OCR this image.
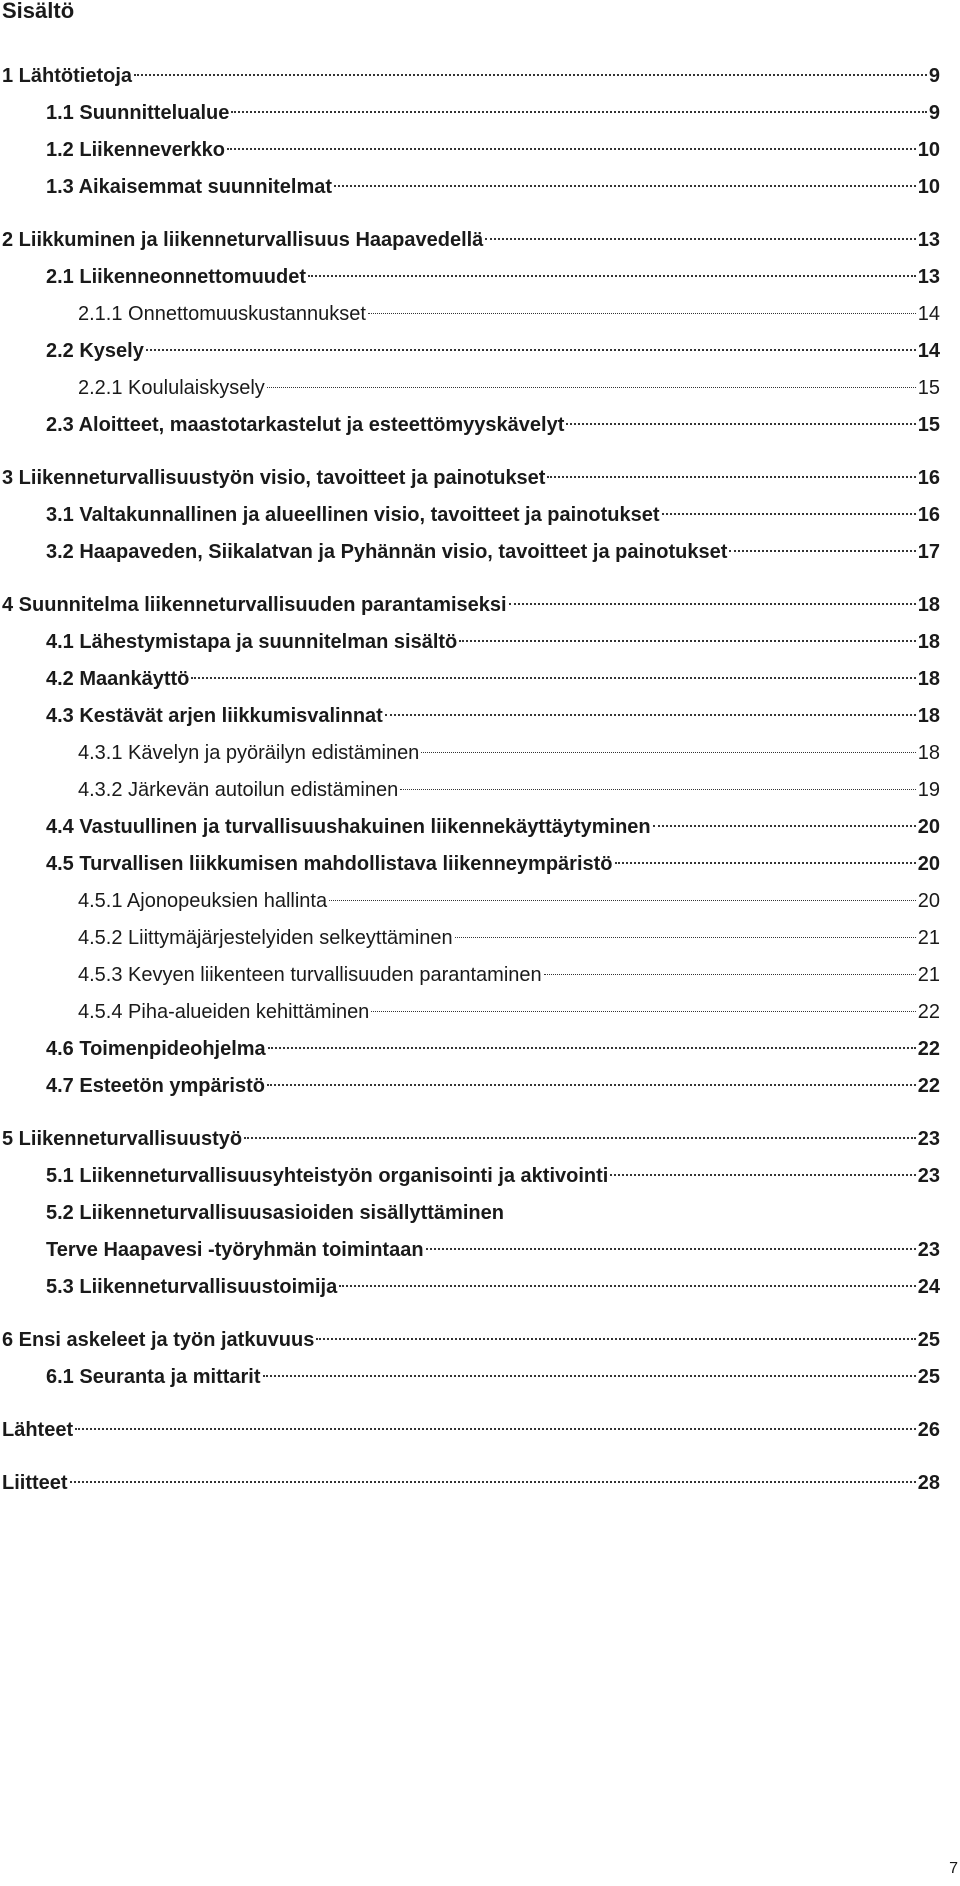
Sisältö
1 Lähtötietoja	9
1.1 Suunnittelualue	9
1.2 Liikenneverkko	10
1.3 Aikaisemmat suunnitelmat	10
2 Liikkuminen ja liikenneturvallisuus Haapavedellä	13
2.1 Liikenneonnettomuudet	13
2.1.1 Onnettomuuskustannukset	14
2.2 Kysely	14
2.2.1 Koululaiskysely	15
2.3 Aloitteet, maastotarkastelut ja esteettömyyskävelyt	15
3 Liikenneturvallisuustyön visio, tavoitteet ja painotukset	16
3.1 Valtakunnallinen ja alueellinen visio, tavoitteet ja painotukset	16
3.2 Haapaveden, Siikalatvan ja Pyhännän visio, tavoitteet ja painotukset	17
4 Suunnitelma liikenneturvallisuuden parantamiseksi	18
4.1 Lähestymistapa ja suunnitelman sisältö	18
4.2 Maankäyttö	18
4.3 Kestävät arjen liikkumisvalinnat	18
4.3.1 Kävelyn ja pyöräilyn edistäminen	18
4.3.2 Järkevän autoilun edistäminen	19
4.4 Vastuullinen ja turvallisuushakuinen liikennekäyttäytyminen	20
4.5 Turvallisen liikkumisen mahdollistava liikenneympäristö	20
4.5.1 Ajonopeuksien hallinta	20
4.5.2 Liittymäjärjestelyiden selkeyttäminen	21
4.5.3 Kevyen liikenteen turvallisuuden parantaminen	21
4.5.4 Piha-alueiden kehittäminen	22
4.6 Toimenpideohjelma	22
4.7 Esteetön ympäristö	22
5 Liikenneturvallisuustyö	23
5.1 Liikenneturvallisuusyhteistyön organisointi ja aktivointi	23
5.2 Liikenneturvallisuusasioiden sisällyttäminen
Terve Haapavesi -työryhmän toimintaan	23
5.3 Liikenneturvallisuustoimija	24
6 Ensi askeleet ja työn jatkuvuus	25
6.1 Seuranta ja mittarit	25
Lähteet	26
Liitteet	28
7
